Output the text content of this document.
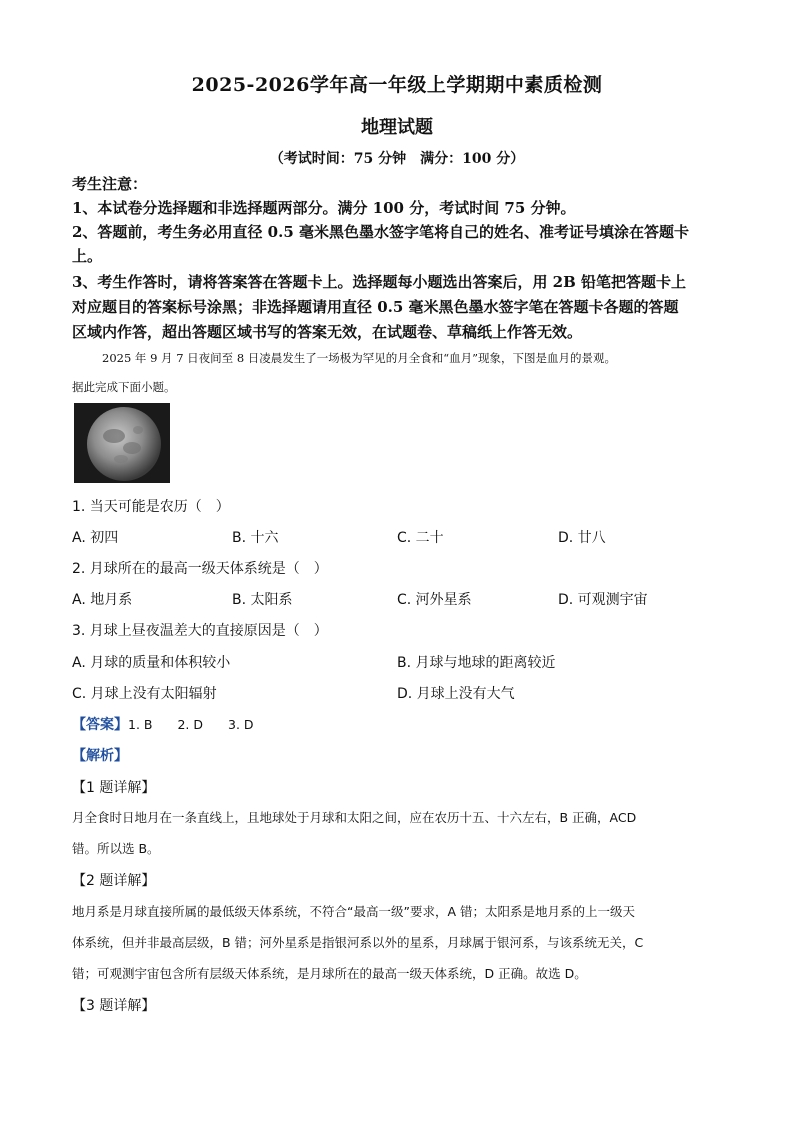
2025-2026学年高一年级上学期期中素质检测
地理试题
（考试时间：75 分钟　满分：100 分）
考生注意：
1、本试卷分选择题和非选择题两部分。满分 100 分，考试时间 75 分钟。
2、答题前，考生务必用直径 0.5 毫米黑色墨水签字笔将自己的姓名、准考证号填涂在答题卡
上。
3、考生作答时，请将答案答在答题卡上。选择题每小题选出答案后，用 2B 铅笔把答题卡上
对应题目的答案标号涂黑；非选择题请用直径 0.5 毫米黑色墨水签字笔在答题卡各题的答题
区域内作答，超出答题区域书写的答案无效，在试题卷、草稿纸上作答无效。
2025 年 9 月 7 日夜间至 8 日凌晨发生了一场极为罕见的月全食和“血月”现象，下图是血月的景观。
据此完成下面小题。
1. 当天可能是农历（　）
A. 初四	B. 十六	C. 二十	D. 廿八
2. 月球所在的最高一级天体系统是（　）
A. 地月系	B. 太阳系	C. 河外星系	D. 可观测宇宙
3. 月球上昼夜温差大的直接原因是（　）
A. 月球的质量和体积较小	B. 月球与地球的距离较近
C. 月球上没有太阳辐射	D. 月球上没有大气
【答案】1. B　　2. D　　3. D
【解析】
【1 题详解】
月全食时日地月在一条直线上，且地球处于月球和太阳之间，应在农历十五、十六左右，B 正确，ACD
错。所以选 B。
【2 题详解】
地月系是月球直接所属的最低级天体系统，不符合“最高一级”要求，A 错；太阳系是地月系的上一级天
体系统，但并非最高层级，B 错；河外星系是指银河系以外的星系，月球属于银河系，与该系统无关，C
错；可观测宇宙包含所有层级天体系统，是月球所在的最高一级天体系统，D 正确。故选 D。
【3 题详解】
